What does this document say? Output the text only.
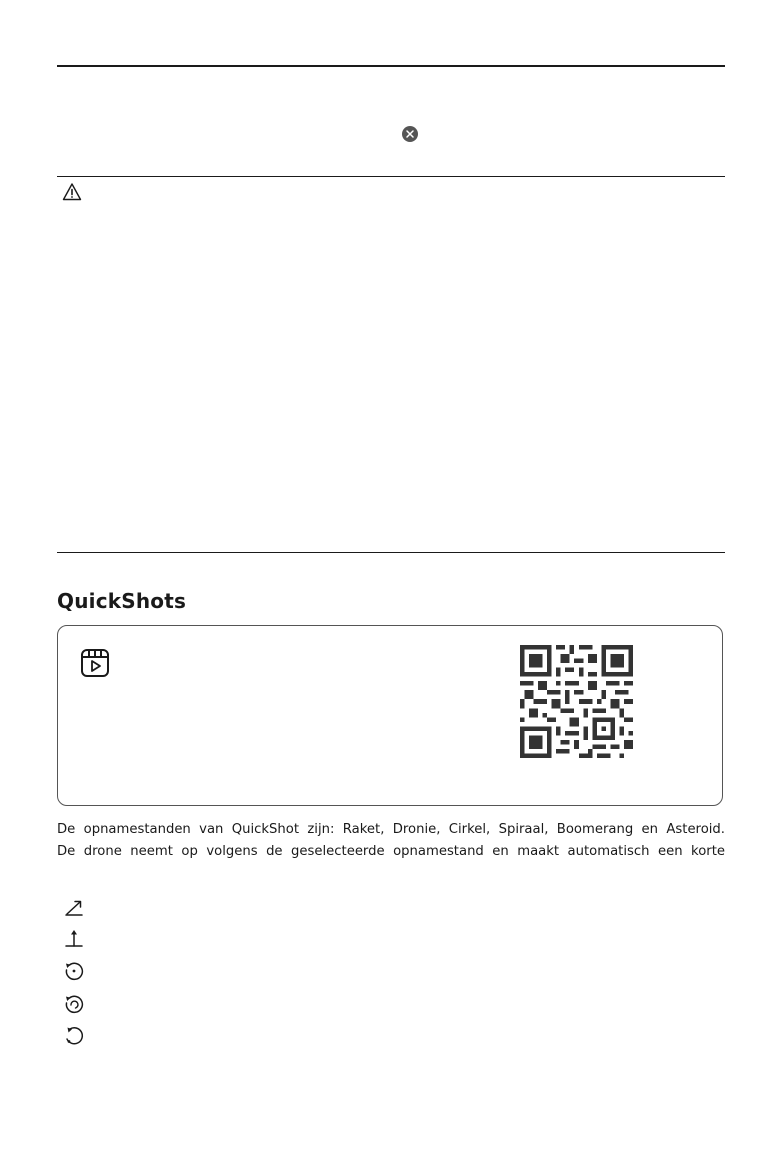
QuickShots
De opnamestanden van QuickShot zijn: Raket, Dronie, Cirkel, Spiraal, Boomerang en Asteroid.
De drone neemt op volgens de geselecteerde opnamestand en maakt automatisch een korte
